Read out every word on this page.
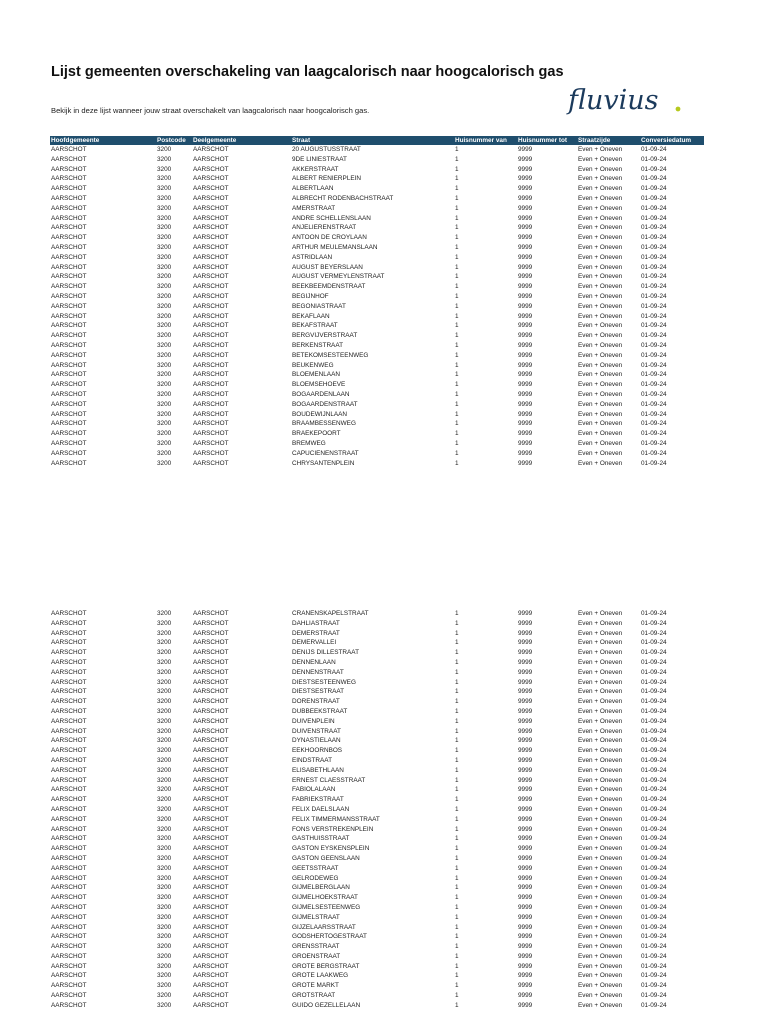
Lijst gemeenten overschakeling van laagcalorisch naar hoogcalorisch gas

Bekijk in deze lijst wanneer jouw straat overschakelt van laagcalorisch naar hoogcalorisch gas.	fluvius
Hoofdgemeente	Postcode	Deelgemeente	Straat	Huisnummer van	Huisnummer tot	Straatzijde	Conversiedatum
AARSCHOT	3200	AARSCHOT	20 AUGUSTUSSTRAAT	1	9999	Even + Oneven	01-09-24
AARSCHOT	3200	AARSCHOT	9DE LINIESTRAAT	1	9999	Even + Oneven	01-09-24
AARSCHOT	3200	AARSCHOT	AKKERSTRAAT	1	9999	Even + Oneven	01-09-24
AARSCHOT	3200	AARSCHOT	ALBERT RENIERPLEIN	1	9999	Even + Oneven	01-09-24
AARSCHOT	3200	AARSCHOT	ALBERTLAAN	1	9999	Even + Oneven	01-09-24
AARSCHOT	3200	AARSCHOT	ALBRECHT RODENBACHSTRAAT	1	9999	Even + Oneven	01-09-24
AARSCHOT	3200	AARSCHOT	AMERSTRAAT	1	9999	Even + Oneven	01-09-24
AARSCHOT	3200	AARSCHOT	ANDRE SCHELLENSLAAN	1	9999	Even + Oneven	01-09-24
AARSCHOT	3200	AARSCHOT	ANJELIERENSTRAAT	1	9999	Even + Oneven	01-09-24
AARSCHOT	3200	AARSCHOT	ANTOON DE CROYLAAN	1	9999	Even + Oneven	01-09-24
AARSCHOT	3200	AARSCHOT	ARTHUR MEULEMANSLAAN	1	9999	Even + Oneven	01-09-24
AARSCHOT	3200	AARSCHOT	ASTRIDLAAN	1	9999	Even + Oneven	01-09-24
AARSCHOT	3200	AARSCHOT	AUGUST BEYERSLAAN	1	9999	Even + Oneven	01-09-24
AARSCHOT	3200	AARSCHOT	AUGUST VERMEYLENSTRAAT	1	9999	Even + Oneven	01-09-24
AARSCHOT	3200	AARSCHOT	BEEKBEEMDENSTRAAT	1	9999	Even + Oneven	01-09-24
AARSCHOT	3200	AARSCHOT	BEGIJNHOF	1	9999	Even + Oneven	01-09-24
AARSCHOT	3200	AARSCHOT	BEGONIASTRAAT	1	9999	Even + Oneven	01-09-24
AARSCHOT	3200	AARSCHOT	BEKAFLAAN	1	9999	Even + Oneven	01-09-24
AARSCHOT	3200	AARSCHOT	BEKAFSTRAAT	1	9999	Even + Oneven	01-09-24
AARSCHOT	3200	AARSCHOT	BERGVIJVERSTRAAT	1	9999	Even + Oneven	01-09-24
AARSCHOT	3200	AARSCHOT	BERKENSTRAAT	1	9999	Even + Oneven	01-09-24
AARSCHOT	3200	AARSCHOT	BETEKOMSESTEENWEG	1	9999	Even + Oneven	01-09-24
AARSCHOT	3200	AARSCHOT	BEUKENWEG	1	9999	Even + Oneven	01-09-24
AARSCHOT	3200	AARSCHOT	BLOEMENLAAN	1	9999	Even + Oneven	01-09-24
AARSCHOT	3200	AARSCHOT	BLOEMSEHOEVE	1	9999	Even + Oneven	01-09-24
AARSCHOT	3200	AARSCHOT	BOGAARDENLAAN	1	9999	Even + Oneven	01-09-24
AARSCHOT	3200	AARSCHOT	BOGAARDENSTRAAT	1	9999	Even + Oneven	01-09-24
AARSCHOT	3200	AARSCHOT	BOUDEWIJNLAAN	1	9999	Even + Oneven	01-09-24
AARSCHOT	3200	AARSCHOT	BRAAMBESSENWEG	1	9999	Even + Oneven	01-09-24
AARSCHOT	3200	AARSCHOT	BRAEKEPOORT	1	9999	Even + Oneven	01-09-24
AARSCHOT	3200	AARSCHOT	BREMWEG	1	9999	Even + Oneven	01-09-24
AARSCHOT	3200	AARSCHOT	CAPUCIENENSTRAAT	1	9999	Even + Oneven	01-09-24
AARSCHOT	3200	AARSCHOT	CHRYSANTENPLEIN	1	9999	Even + Oneven	01-09-24
AARSCHOT	3200	AARSCHOT	CRANENSKAPELSTRAAT	1	9999	Even + Oneven	01-09-24
AARSCHOT	3200	AARSCHOT	DAHLIASTRAAT	1	9999	Even + Oneven	01-09-24
AARSCHOT	3200	AARSCHOT	DEMERSTRAAT	1	9999	Even + Oneven	01-09-24
AARSCHOT	3200	AARSCHOT	DEMERVALLEI	1	9999	Even + Oneven	01-09-24
AARSCHOT	3200	AARSCHOT	DENIJS DILLESTRAAT	1	9999	Even + Oneven	01-09-24
AARSCHOT	3200	AARSCHOT	DENNENLAAN	1	9999	Even + Oneven	01-09-24
AARSCHOT	3200	AARSCHOT	DENNENSTRAAT	1	9999	Even + Oneven	01-09-24
AARSCHOT	3200	AARSCHOT	DIESTSESTEENWEG	1	9999	Even + Oneven	01-09-24
AARSCHOT	3200	AARSCHOT	DIESTSESTRAAT	1	9999	Even + Oneven	01-09-24
AARSCHOT	3200	AARSCHOT	DORENSTRAAT	1	9999	Even + Oneven	01-09-24
AARSCHOT	3200	AARSCHOT	DUBBEEKSTRAAT	1	9999	Even + Oneven	01-09-24
AARSCHOT	3200	AARSCHOT	DUIVENPLEIN	1	9999	Even + Oneven	01-09-24
AARSCHOT	3200	AARSCHOT	DUIVENSTRAAT	1	9999	Even + Oneven	01-09-24
AARSCHOT	3200	AARSCHOT	DYNASTIELAAN	1	9999	Even + Oneven	01-09-24
AARSCHOT	3200	AARSCHOT	EEKHOORNBOS	1	9999	Even + Oneven	01-09-24
AARSCHOT	3200	AARSCHOT	EINDSTRAAT	1	9999	Even + Oneven	01-09-24
AARSCHOT	3200	AARSCHOT	ELISABETHLAAN	1	9999	Even + Oneven	01-09-24
AARSCHOT	3200	AARSCHOT	ERNEST CLAESSTRAAT	1	9999	Even + Oneven	01-09-24
AARSCHOT	3200	AARSCHOT	FABIOLALAAN	1	9999	Even + Oneven	01-09-24
AARSCHOT	3200	AARSCHOT	FABRIEKSTRAAT	1	9999	Even + Oneven	01-09-24
AARSCHOT	3200	AARSCHOT	FELIX DAELSLAAN	1	9999	Even + Oneven	01-09-24
AARSCHOT	3200	AARSCHOT	FELIX TIMMERMANSSTRAAT	1	9999	Even + Oneven	01-09-24
AARSCHOT	3200	AARSCHOT	FONS VERSTREKENPLEIN	1	9999	Even + Oneven	01-09-24
AARSCHOT	3200	AARSCHOT	GASTHUISSTRAAT	1	9999	Even + Oneven	01-09-24
AARSCHOT	3200	AARSCHOT	GASTON EYSKENSPLEIN	1	9999	Even + Oneven	01-09-24
AARSCHOT	3200	AARSCHOT	GASTON GEENSLAAN	1	9999	Even + Oneven	01-09-24
AARSCHOT	3200	AARSCHOT	GEETSSTRAAT	1	9999	Even + Oneven	01-09-24
AARSCHOT	3200	AARSCHOT	GELRODEWEG	1	9999	Even + Oneven	01-09-24
AARSCHOT	3200	AARSCHOT	GIJMELBERGLAAN	1	9999	Even + Oneven	01-09-24
AARSCHOT	3200	AARSCHOT	GIJMELHOEKSTRAAT	1	9999	Even + Oneven	01-09-24
AARSCHOT	3200	AARSCHOT	GIJMELSESTEENWEG	1	9999	Even + Oneven	01-09-24
AARSCHOT	3200	AARSCHOT	GIJMELSTRAAT	1	9999	Even + Oneven	01-09-24
AARSCHOT	3200	AARSCHOT	GIJZELAARSSTRAAT	1	9999	Even + Oneven	01-09-24
AARSCHOT	3200	AARSCHOT	GODSHERTOGESTRAAT	1	9999	Even + Oneven	01-09-24
AARSCHOT	3200	AARSCHOT	GRENSSTRAAT	1	9999	Even + Oneven	01-09-24
AARSCHOT	3200	AARSCHOT	GROENSTRAAT	1	9999	Even + Oneven	01-09-24
AARSCHOT	3200	AARSCHOT	GROTE BERGSTRAAT	1	9999	Even + Oneven	01-09-24
AARSCHOT	3200	AARSCHOT	GROTE LAAKWEG	1	9999	Even + Oneven	01-09-24
AARSCHOT	3200	AARSCHOT	GROTE MARKT	1	9999	Even + Oneven	01-09-24
AARSCHOT	3200	AARSCHOT	GROTSTRAAT	1	9999	Even + Oneven	01-09-24
AARSCHOT	3200	AARSCHOT	GUIDO GEZELLELAAN	1	9999	Even + Oneven	01-09-24
